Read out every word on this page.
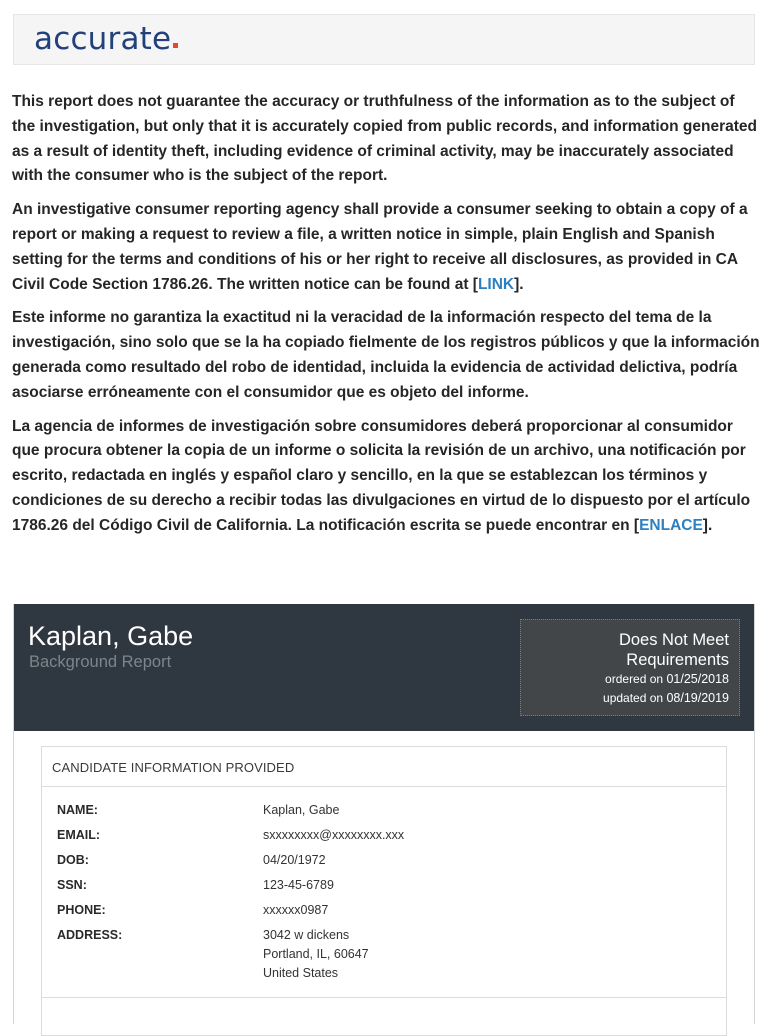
accurate

This report does not guarantee the accuracy or truthfulness of the information as to the subject of the investigation, but only that it is accurately copied from public records, and information generated as a result of identity theft, including evidence of criminal activity, may be inaccurately associated with the consumer who is the subject of the report.

An investigative consumer reporting agency shall provide a consumer seeking to obtain a copy of a report or making a request to review a file, a written notice in simple, plain English and Spanish setting for the terms and conditions of his or her right to receive all disclosures, as provided in CA Civil Code Section 1786.26. The written notice can be found at [LINK].

Este informe no garantiza la exactitud ni la veracidad de la información respecto del tema de la investigación, sino solo que se la ha copiado fielmente de los registros públicos y que la información generada como resultado del robo de identidad, incluida la evidencia de actividad delictiva, podría asociarse erróneamente con el consumidor que es objeto del informe.

La agencia de informes de investigación sobre consumidores deberá proporcionar al consumidor que procura obtener la copia de un informe o solicita la revisión de un archivo, una notificación por escrito, redactada en inglés y español claro y sencillo, en la que se establezcan los términos y condiciones de su derecho a recibir todas las divulgaciones en virtud de lo dispuesto por el artículo 1786.26 del Código Civil de California. La notificación escrita se puede encontrar en [ENLACE].

Kaplan, Gabe
Background Report
Does Not Meet
Requirements
ordered on 01/25/2018
updated on 08/19/2019
CANDIDATE INFORMATION PROVIDED
NAME:	Kaplan, Gabe
EMAIL:	sxxxxxxxx@xxxxxxxx.xxx
DOB:	04/20/1972
SSN:	123-45-6789
PHONE:	xxxxxx0987
ADDRESS:	3042 w dickens
Portland, IL, 60647
United States
